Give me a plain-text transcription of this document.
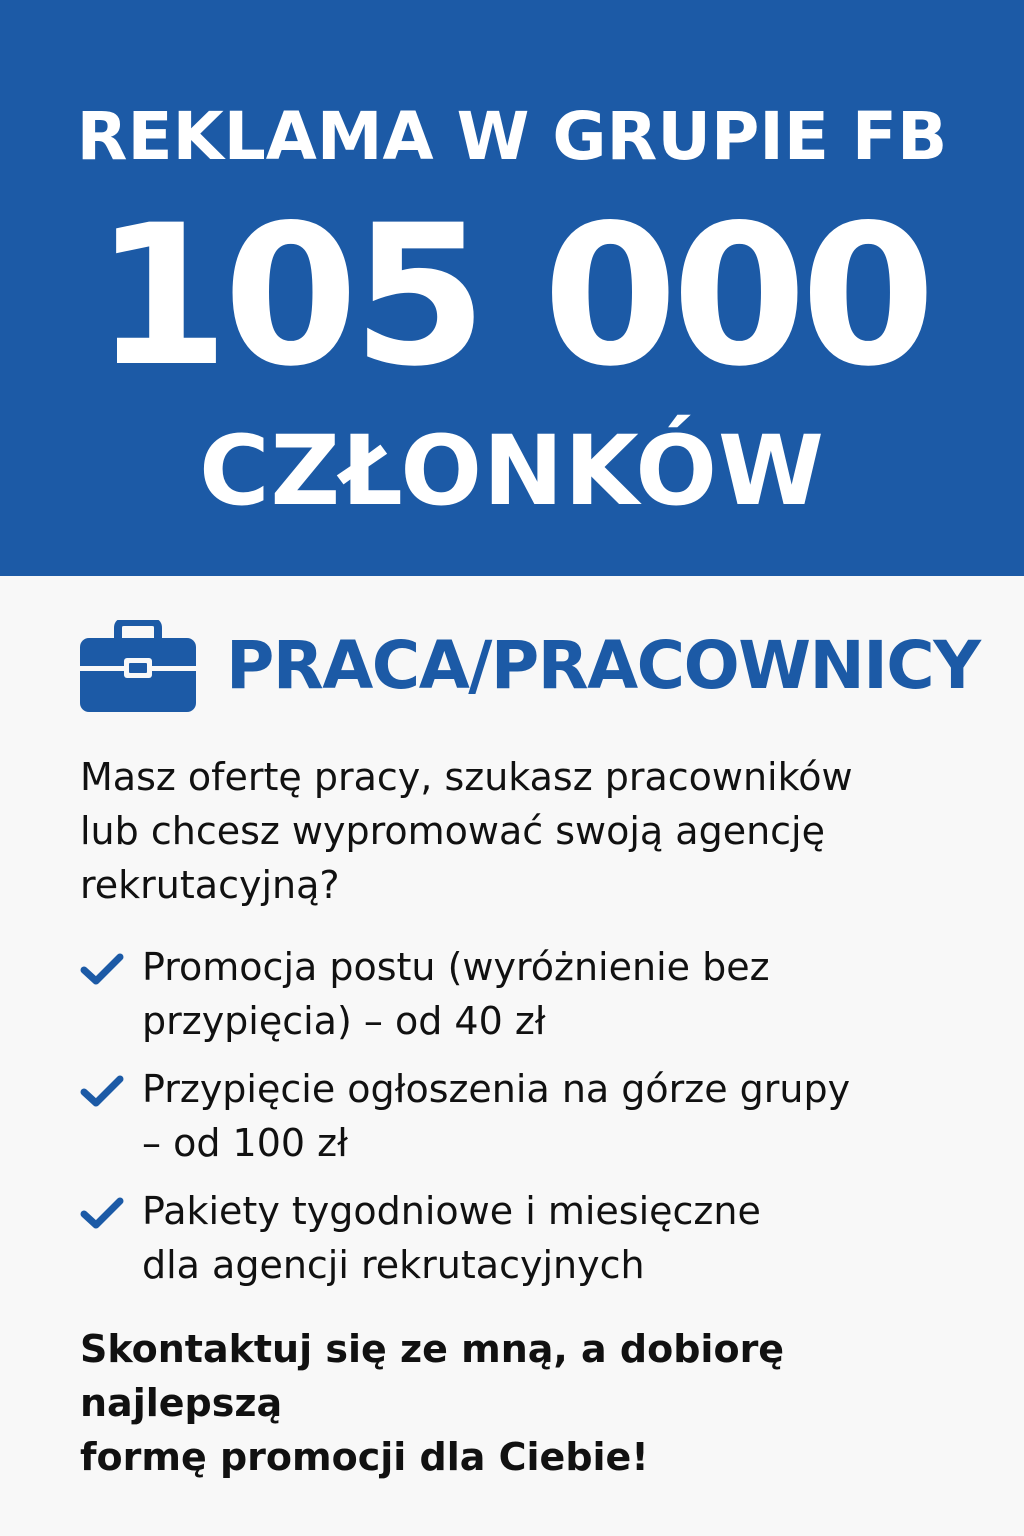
REKLAMA W GRUPIE FB
105 000
CZŁONKÓW
PRACA/PRACOWNICY

Masz ofertę pracy, szukasz pracowników
lub chcesz wypromować swoją agencję
rekrutacyjną?

Promocja postu (wyróżnienie bez
przypięcia) – od 40 zł
Przypięcie ogłoszenia na górze grupy
– od 100 zł
Pakiety tygodniowe i miesięczne
dla agencji rekrutacyjnych

Skontaktuj się ze mną, a dobiorę najlepszą
formę promocji dla Ciebie!
